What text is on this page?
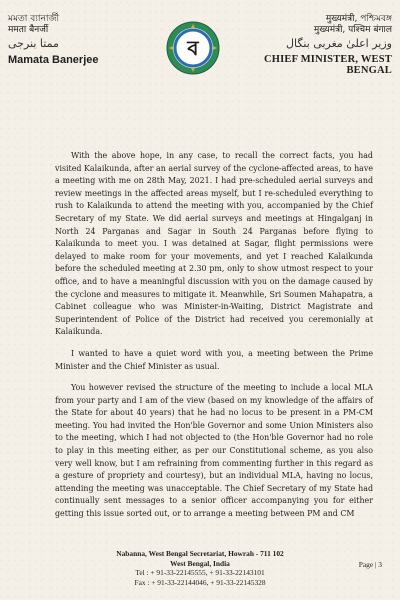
মমতা ব্যানার্জী
ममता बैनर्जी
ممتا بنرجی
Mamata Banerjee	ব
मुख्यमंत्री, পশ্চিমবঙ্গ
मुख्यमंत्री, पश्चिम बंगाल
وزیر اعلیٰ مغربی بنگال
CHIEF MINISTER, WEST BENGAL

With the above hope, in any case, to recall the correct facts, you had visited Kalaikunda, after an aerial survey of the cyclone-affected areas, to have a meeting with me on 28th May, 2021. I had pre-scheduled aerial surveys and review meetings in the affected areas myself, but I re-scheduled everything to rush to Kalaikunda to attend the meeting with you, accompanied by the Chief Secretary of my State. We did aerial surveys and meetings at Hingalganj in North 24 Parganas and Sagar in South 24 Parganas before flying to Kalaikunda to meet you. I was detained at Sagar, flight permissions were delayed to make room for your movements, and yet I reached Kalaikunda before the scheduled meeting at 2.30 pm, only to show utmost respect to your office, and to have a meaningful discussion with you on the damage caused by the cyclone and measures to mitigate it. Meanwhile, Sri Soumen Mahapatra, a Cabinet colleague who was Minister-in-Waiting, District Magistrate and Superintendent of Police of the District had received you ceremonially at Kalaikunda.

I wanted to have a quiet word with you, a meeting between the Prime Minister and the Chief Minister as usual.

You however revised the structure of the meeting to include a local MLA from your party and I am of the view (based on my knowledge of the affairs of the State for about 40 years) that he had no locus to be present in a PM-CM meeting. You had invited the Hon'ble Governor and some Union Ministers also to the meeting, which I had not objected to (the Hon'ble Governor had no role to play in this meeting either, as per our Constitutional scheme, as you also very well know, but I am refraining from commenting further in this regard as a gesture of propriety and courtesy), but an individual MLA, having no locus, attending the meeting was unacceptable. The Chief Secretary of my State had continually sent messages to a senior officer accompanying you for either getting this issue sorted out, or to arrange a meeting between PM and CM

Nabanna, West Bengal Secretariat, Howrah - 711 102
West Bengal, India
Tel : + 91-33-22145555, + 91-33-22143101
Fax : + 91-33-22144046, + 91-33-22145328
Page | 3
